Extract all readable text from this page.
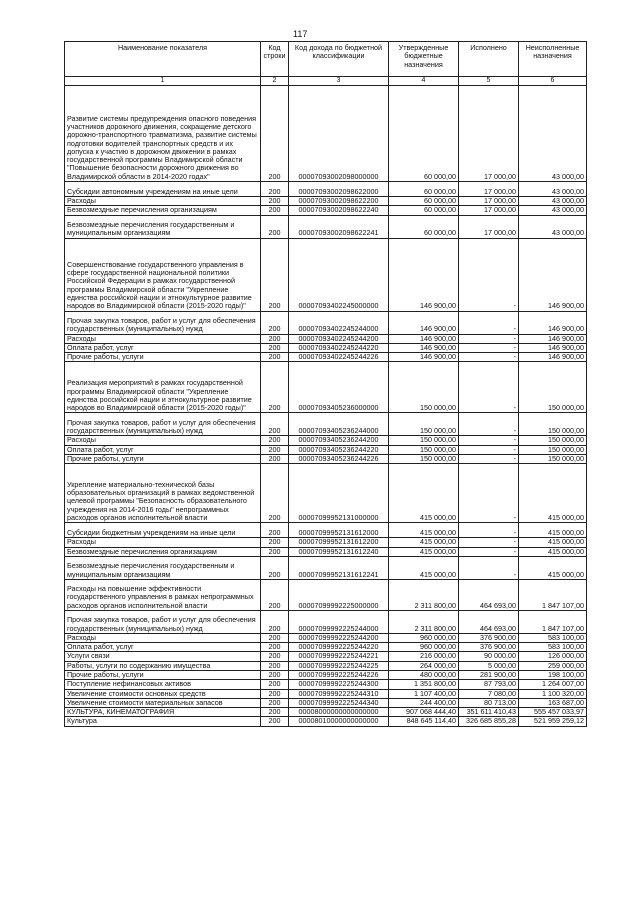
117
Наименование показателя	Код строки	Код дохода по бюджетной классификации	Утвержденные бюджетные назначения	Исполнено	Неисполненные назначения
1	2	3	4	5	6
Развитие системы предупреждения опасного поведения участников дорожного движения, сокращение детского дорожно-транспортного травматизма, развитие системы подготовки водителей транспортных средств и их допуска к участию в дорожном движении в рамках государственной программы Владимирской области "Повышение безопасности дорожного движения во Владимирской области в 2014-2020 годах"	200	00007093002098000000	60 000,00	17 000,00	43 000,00
Субсидии автономным учреждениям на иные цели	200	00007093002098622000	60 000,00	17 000,00	43 000,00
Расходы	200	00007093002098622200	60 000,00	17 000,00	43 000,00
Безвозмездные перечисления организациям	200	00007093002098622240	60 000,00	17 000,00	43 000,00
Безвозмездные перечисления государственным и муниципальным организациям	200	00007093002098622241	60 000,00	17 000,00	43 000,00
Совершенствование государственного управления в сфере государственной национальной политики Российской Федерации в рамках государственной программы Владимирской области "Укрепление единства российской нации и этнокультурное развитие народов во Владимирской области (2015-2020 годы)"	200	00007093402245000000	146 900,00	-	146 900,00
Прочая закупка товаров, работ и услуг для обеспечения государственных (муниципальных) нужд	200	00007093402245244000	146 900,00	-	146 900,00
Расходы	200	00007093402245244200	146 900,00	-	146 900,00
Оплата работ, услуг	200	00007093402245244220	146 900,00	-	146 900,00
Прочие работы, услуги	200	00007093402245244226	146 900,00	-	146 900,00
Реализация мероприятий в рамках государственной программы Владимирской области "Укрепление единства российской нации и этнокультурное развитие народов во Владимирской области (2015-2020 годы)"	200	00007093405236000000	150 000,00	-	150 000,00
Прочая закупка товаров, работ и услуг для обеспечения государственных (муниципальных) нужд	200	00007093405236244000	150 000,00	-	150 000,00
Расходы	200	00007093405236244200	150 000,00	-	150 000,00
Оплата работ, услуг	200	00007093405236244220	150 000,00	-	150 000,00
Прочие работы, услуги	200	00007093405236244226	150 000,00	-	150 000,00
Укрепление материально-технической базы образовательных организаций в рамках ведомственной целевой программы "Безопасность образовательного учреждения на 2014-2016 годы" непрограммных расходов органов исполнительной власти	200	00007099952131000000	415 000,00	-	415 000,00
Субсидии бюджетным учреждениям на иные цели	200	00007099952131612000	415 000,00	-	415 000,00
Расходы	200	00007099952131612200	415 000,00	-	415 000,00
Безвозмездные перечисления организациям	200	00007099952131612240	415 000,00	-	415 000,00
Безвозмездные перечисления государственным и муниципальным организациям	200	00007099952131612241	415 000,00	-	415 000,00
Расходы на повышение эффективности государственного управления в рамках непрограммных расходов органов исполнительной власти	200	00007099992225000000	2 311 800,00	464 693,00	1 847 107,00
Прочая закупка товаров, работ и услуг для обеспечения государственных (муниципальных) нужд	200	00007099992225244000	2 311 800,00	464 693,00	1 847 107,00
Расходы	200	00007099992225244200	960 000,00	376 900,00	583 100,00
Оплата работ, услуг	200	00007099992225244220	960 000,00	376 900,00	583 100,00
Услуги связи	200	00007099992225244221	216 000,00	90 000,00	126 000,00
Работы, услуги по содержанию имущества	200	00007099992225244225	264 000,00	5 000,00	259 000,00
Прочие работы, услуги	200	00007099992225244226	480 000,00	281 900,00	198 100,00
Поступление нефинансовых активов	200	00007099992225244300	1 351 800,00	87 793,00	1 264 007,00
Увеличение стоимости основных средств	200	00007099992225244310	1 107 400,00	7 080,00	1 100 320,00
Увеличение стоимости материальных запасов	200	00007099992225244340	244 400,00	80 713,00	163 687,00
КУЛЬТУРА, КИНЕМАТОГРАФИЯ	200	00008000000000000000	907 068 444,40	351 611 410,43	555 457 033,97
Культура	200	00008010000000000000	848 645 114,40	326 685 855,28	521 959 259,12
